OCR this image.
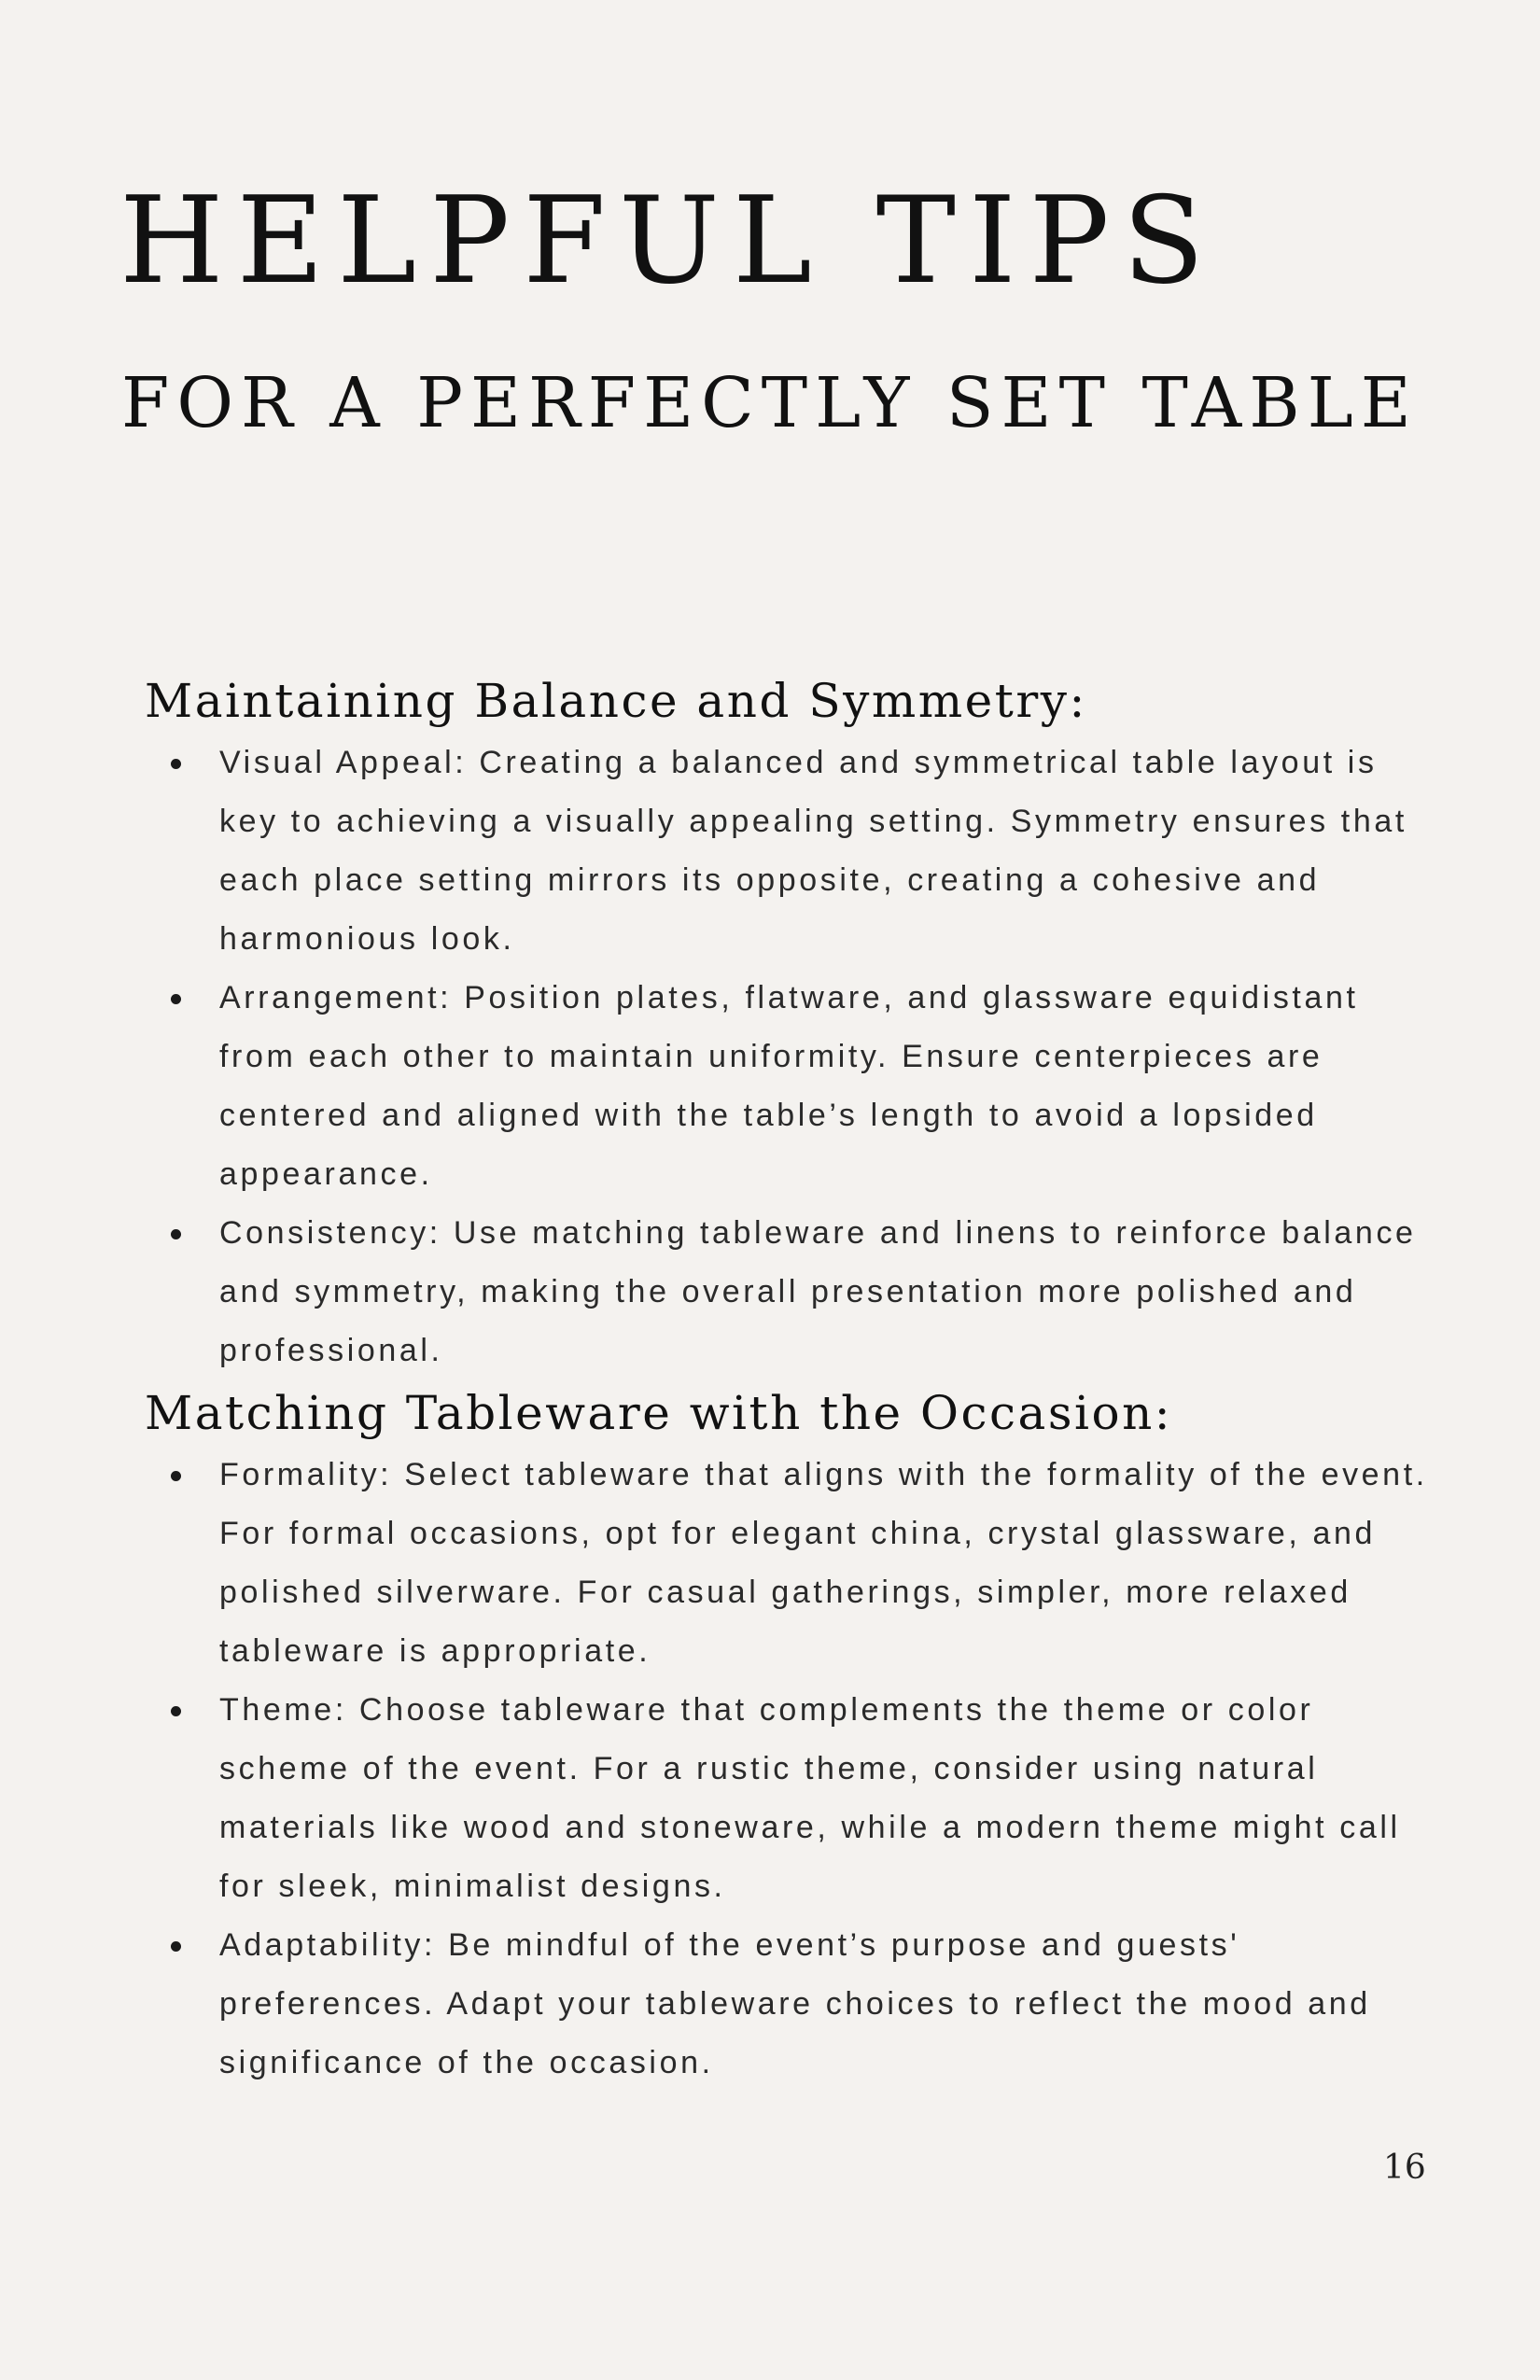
HELPFUL TIPS
FOR A PERFECTLY SET TABLE
Maintaining Balance and Symmetry:
Visual Appeal: Creating a balanced and symmetrical table layout is key to achieving a visually appealing setting. Symmetry ensures that each place setting mirrors its opposite, creating a cohesive and harmonious look.
Arrangement: Position plates, flatware, and glassware equidistant from each other to maintain uniformity. Ensure centerpieces are centered and aligned with the table’s length to avoid a lopsided appearance.
Consistency: Use matching tableware and linens to reinforce balance and symmetry, making the overall presentation more polished and professional.
Matching Tableware with the Occasion:
Formality: Select tableware that aligns with the formality of the event. For formal occasions, opt for elegant china, crystal glassware, and polished silverware. For casual gatherings, simpler, more relaxed tableware is appropriate.
Theme: Choose tableware that complements the theme or color scheme of the event. For a rustic theme, consider using natural materials like wood and stoneware, while a modern theme might call for sleek, minimalist designs.
Adaptability: Be mindful of the event’s purpose and guests' preferences. Adapt your tableware choices to reflect the mood and significance of the occasion.
16
